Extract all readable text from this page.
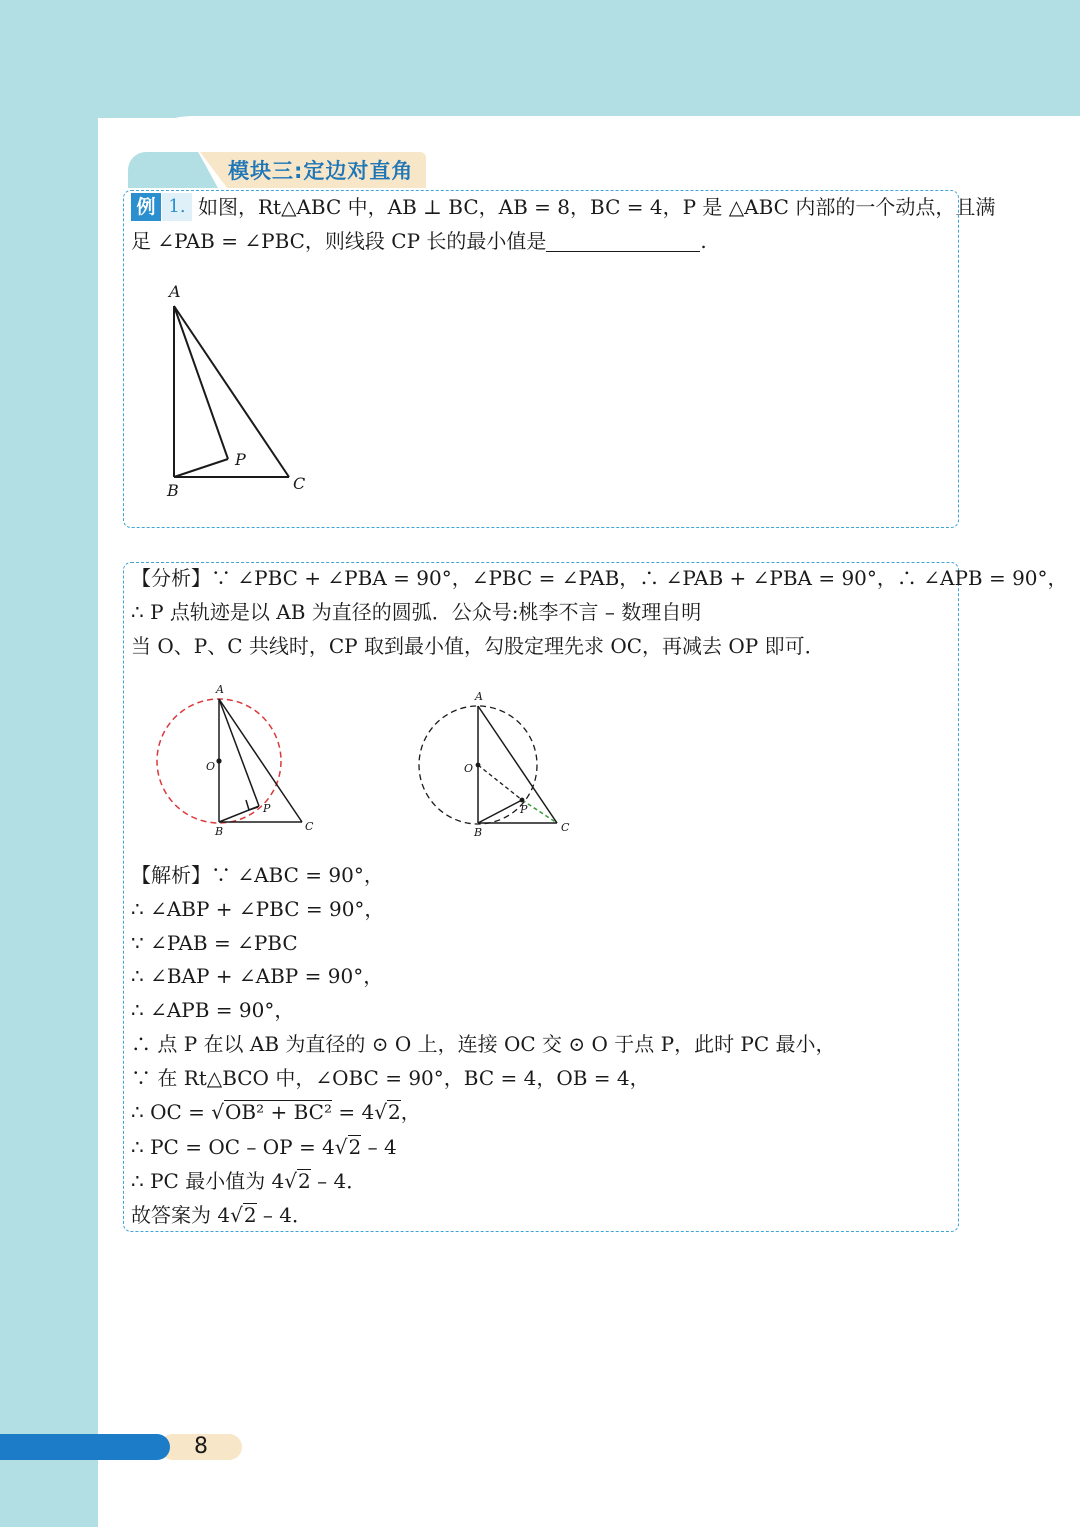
模块三:定边对直角
例 1. 如图，Rt△ABC 中，AB ⊥ BC，AB = 8，BC = 4，P 是 △ABC 内部的一个动点，且满
足 ∠PAB = ∠PBC，则线段 CP 长的最小值是	.
A
B	C
P
【分析】∵ ∠PBC + ∠PBA = 90°，∠PBC = ∠PAB，∴ ∠PAB + ∠PBA = 90°，∴ ∠APB = 90°，
∴ P 点轨迹是以 AB 为直径的圆弧．公众号:桃李不言 – 数理自明
当 O、P、C 共线时，CP 取到最小值，勾股定理先求 OC，再减去 OP 即可．
A
O
B	C
P
A
O
B	C
P
【解析】∵ ∠ABC = 90°，
∴ ∠ABP + ∠PBC = 90°，
∵ ∠PAB = ∠PBC
∴ ∠BAP + ∠ABP = 90°，
∴ ∠APB = 90°，
∴ 点 P 在以 AB 为直径的 ⊙ O 上，连接 OC 交 ⊙ O 于点 P，此时 PC 最小，
∵ 在 Rt△BCO 中，∠OBC = 90°，BC = 4，OB = 4，
∴ OC = √OB² + BC² = 4√2，
∴ PC = OC – OP = 4√2 – 4
∴ PC 最小值为 4√2 – 4．
故答案为 4√2 – 4．
8
